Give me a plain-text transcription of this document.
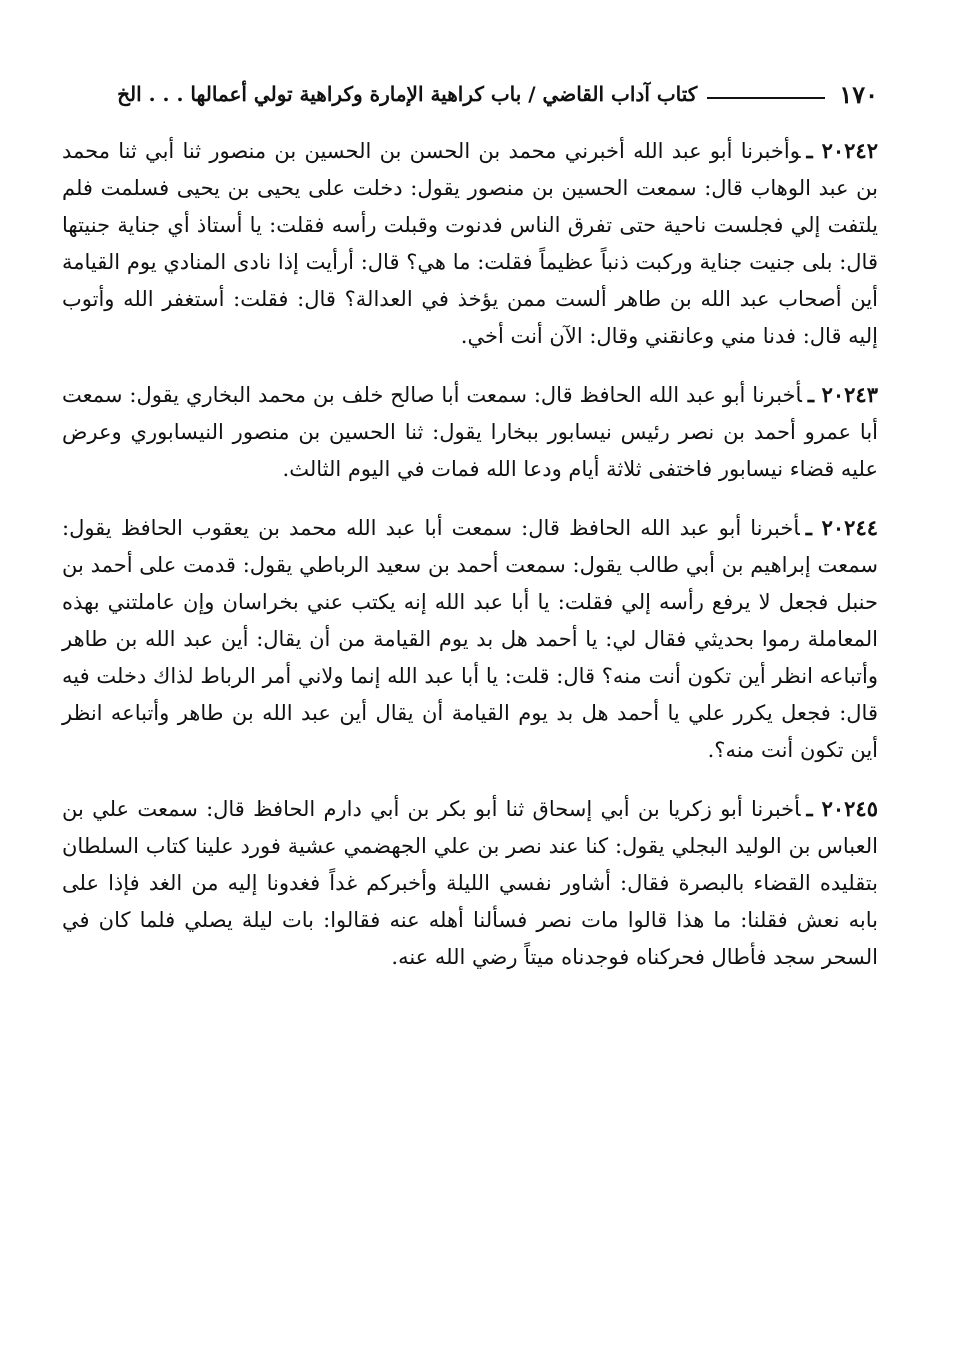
١٧٠
كتاب آداب القاضي / باب كراهية الإمارة وكراهية تولي أعمالها . . . الخ

٢٠٢٤٢ ـوأخبرنا أبو عبد الله أخبرني محمد بن الحسن بن الحسين بن منصور ثنا أبي ثنا محمد بن عبد الوهاب قال: سمعت الحسين بن منصور يقول: دخلت على يحيى بن يحيى فسلمت فلم يلتفت إلي فجلست ناحية حتى تفرق الناس فدنوت وقبلت رأسه فقلت: يا أستاذ أي جناية جنيتها قال: بلى جنيت جناية وركبت ذنباً عظيماً فقلت: ما هي؟ قال: أرأيت إذا نادى المنادي يوم القيامة أين أصحاب عبد الله بن طاهر ألست ممن يؤخذ في العدالة؟ قال: فقلت: أستغفر الله وأتوب إليه قال: فدنا مني وعانقني وقال: الآن أنت أخي.

٢٠٢٤٣ ـأخبرنا أبو عبد الله الحافظ قال: سمعت أبا صالح خلف بن محمد البخاري يقول: سمعت أبا عمرو أحمد بن نصر رئيس نيسابور ببخارا يقول: ثنا الحسين بن منصور النيسابوري وعرض عليه قضاء نيسابور فاختفى ثلاثة أيام ودعا الله فمات في اليوم الثالث.

٢٠٢٤٤ ـأخبرنا أبو عبد الله الحافظ قال: سمعت أبا عبد الله محمد بن يعقوب الحافظ يقول: سمعت إبراهيم بن أبي طالب يقول: سمعت أحمد بن سعيد الرباطي يقول: قدمت على أحمد بن حنبل فجعل لا يرفع رأسه إلي فقلت: يا أبا عبد الله إنه يكتب عني بخراسان وإن عاملتني بهذه المعاملة رموا بحديثي فقال لي: يا أحمد هل بد يوم القيامة من أن يقال: أين عبد الله بن طاهر وأتباعه انظر أين تكون أنت منه؟ قال: قلت: يا أبا عبد الله إنما ولاني أمر الرباط لذاك دخلت فيه قال: فجعل يكرر علي يا أحمد هل بد يوم القيامة أن يقال أين عبد الله بن طاهر وأتباعه انظر أين تكون أنت منه؟.

٢٠٢٤٥ ـأخبرنا أبو زكريا بن أبي إسحاق ثنا أبو بكر بن أبي دارم الحافظ قال: سمعت علي بن العباس بن الوليد البجلي يقول: كنا عند نصر بن علي الجهضمي عشية فورد علينا كتاب السلطان بتقليده القضاء بالبصرة فقال: أشاور نفسي الليلة وأخبركم غداً فغدونا إليه من الغد فإذا على بابه نعش فقلنا: ما هذا قالوا مات نصر فسألنا أهله عنه فقالوا: بات ليلة يصلي فلما كان في السحر سجد فأطال فحركناه فوجدناه ميتاً رضي الله عنه.
